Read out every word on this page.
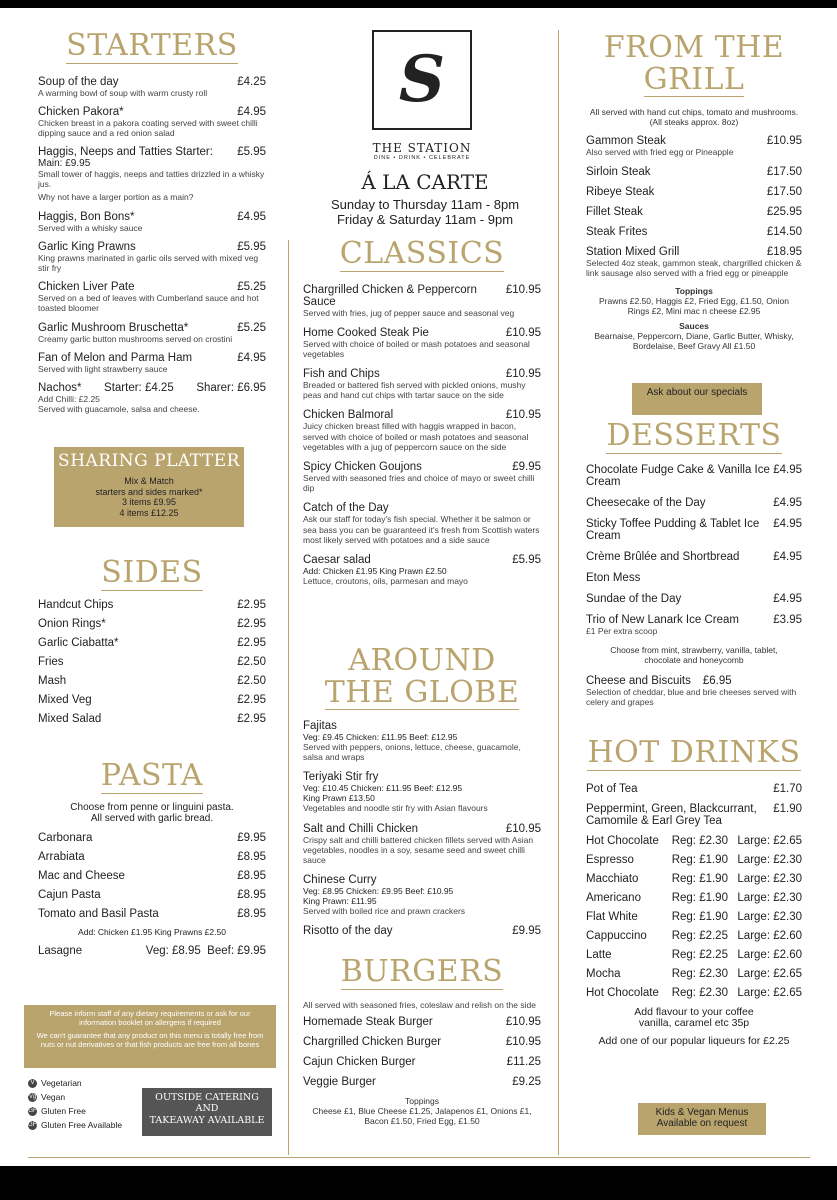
STARTERS
Soup of the day	£4.25
A warming bowl of soup with warm crusty roll
Chicken Pakora*	£4.95
Chicken breast in a pakora coating served with sweet chilli dipping sauce and a red onion salad
Haggis, Neeps and Tatties Starter: £5.95
Main: £9.95
Small tower of haggis, neeps and tatties drizzled in a whisky jus.
Why not have a larger portion as a main?
Haggis, Bon Bons*	£4.95
Served with a whisky sauce
Garlic King Prawns	£5.95
King prawns marinated in garlic oils served with mixed veg stir fry
Chicken Liver Pate	£5.25
Served on a bed of leaves with Cumberland sauce and hot toasted bloomer
Garlic Mushroom Bruschetta*	£5.25
Creamy garlic button mushrooms served on crostini
Fan of Melon and Parma Ham	£4.95
Served with light strawberry sauce
Nachos* Starter: £4.25 Sharer: £6.95
Add Chilli: £2.25
Served with guacamole, salsa and cheese.
SHARING PLATTER
Mix & Match
starters and sides marked*
3 items £9.95
4 items £12.25
SIDES
Handcut Chips	£2.95
Onion Rings*	£2.95
Garlic Ciabatta*	£2.95
Fries	£2.50
Mash	£2.50
Mixed Veg	£2.95
Mixed Salad	£2.95
PASTA
Choose from penne or linguini pasta.
All served with garlic bread.
Carbonara	£9.95
Arrabiata	£8.95
Mac and Cheese	£8.95
Cajun Pasta	£8.95
Tomato and Basil Pasta	£8.95
Add: Chicken £1.95 King Prawns £2.50
Lasagne	Veg: £8.95 Beef: £9.95
Please inform staff of any dietary requirements or ask for our information booklet on allergens if required
We can't guarantee that any product on this menu is totally free from nuts or nut derivatives or that fish products are free from all bones
V Vegetarian
Vg Vegan
GF Gluten Free
GFa Gluten Free Available
OUTSIDE CATERING
AND
TAKEAWAY AVAILABLE
S
THE STATION
DINE • DRINK • CELEBRATE
Á LA CARTE
Sunday to Thursday 11am - 8pm
Friday & Saturday 11am - 9pm
CLASSICS
Chargrilled Chicken & Peppercorn Sauce
£10.95
Served with fries, jug of pepper sauce and seasonal veg
Home Cooked Steak Pie	£10.95
Served with choice of boiled or mash potatoes and seasonal vegetables
Fish and Chips	£10.95
Breaded or battered fish served with pickled onions, mushy peas and hand cut chips with tartar sauce on the side
Chicken Balmoral	£10.95
Juicy chicken breast filled with haggis wrapped in bacon, served with choice of boiled or mash potatoes and seasonal vegetables with a jug of peppercorn sauce on the side
Spicy Chicken Goujons	£9.95
Served with seasoned fries and choice of mayo or sweet chilli dip
Catch of the Day
Ask our staff for today's fish special. Whether it be salmon or sea bass you can be guaranteed it's fresh from Scottish waters most likely served with potatoes and a side sauce
Caesar salad	£5.95
Add: Chicken £1.95 King Prawn £2.50
Lettuce, croutons, oils, parmesan and mayo
AROUND
THE GLOBE
Fajitas
Veg: £9.45 Chicken: £11.95 Beef: £12.95
Served with peppers, onions, lettuce, cheese, guacamole, salsa and wraps
Teriyaki Stir fry
Veg: £10.45 Chicken: £11.95 Beef: £12.95
King Prawn £13.50
Vegetables and noodle stir fry with Asian flavours
Salt and Chilli Chicken	£10.95
Crispy salt and chilli battered chicken fillets served with Asian vegetables, noodles in a soy, sesame seed and sweet chilli sauce
Chinese Curry
Veg: £8.95 Chicken: £9.95 Beef: £10.95
King Prawn: £11.95
Served with boiled rice and prawn crackers
Risotto of the day	£9.95
BURGERS
All served with seasoned fries, coleslaw and relish on the side
Homemade Steak Burger	£10.95
Chargrilled Chicken Burger	£10.95
Cajun Chicken Burger	£11.25
Veggie Burger	£9.25
Toppings
Cheese £1, Blue Cheese £1.25, Jalapenos £1, Onions £1, Bacon £1.50, Fried Egg, £1.50
FROM THE
GRILL
All served with hand cut chips, tomato and mushrooms.
(All steaks approx. 8oz)
Gammon Steak	£10.95
Also served with fried egg or Pineapple
Sirloin Steak	£17.50
Ribeye Steak	£17.50
Fillet Steak	£25.95
Steak Frites	£14.50
Station Mixed Grill	£18.95
Selected 4oz steak, gammon steak, chargrilled chicken & link sausage also served with a fried egg or pineapple
Toppings
Prawns £2.50, Haggis £2, Fried Egg, £1.50, Onion Rings £2, Mini mac n cheese £2.95
Sauces
Bearnaise, Peppercorn, Diane, Garlic Butter, Whisky, Bordelaise, Beef Gravy All £1.50
Ask about our specials
DESSERTS
Chocolate Fudge Cake & Vanilla Ice Cream
£4.95
Cheesecake of the Day	£4.95
Sticky Toffee Pudding & Tablet Ice Cream
£4.95
Crème Brûlée and Shortbread	£4.95
Eton Mess
Sundae of the Day	£4.95
Trio of New Lanark Ice Cream	£3.95
£1 Per extra scoop
Choose from mint, strawberry, vanilla, tablet, chocolate and honeycomb
Cheese and Biscuits £6.95
Selection of cheddar, blue and brie cheeses served with celery and grapes
HOT DRINKS
Pot of Tea	£1.70
Peppermint, Green, Blackcurrant, Camomile & Earl Grey Tea
£1.90
Hot Chocolate	Reg: £2.30 Large: £2.65
Espresso	Reg: £1.90 Large: £2.30
Macchiato	Reg: £1.90 Large: £2.30
Americano	Reg: £1.90 Large: £2.30
Flat White	Reg: £1.90 Large: £2.30
Cappuccino	Reg: £2.25 Large: £2.60
Latte	Reg: £2.25 Large: £2.60
Mocha	Reg: £2.30 Large: £2.65
Hot Chocolate	Reg: £2.30 Large: £2.65
Add flavour to your coffee vanilla, caramel etc 35p
Add one of our popular liqueurs for £2.25
Kids & Vegan Menus Available on request
